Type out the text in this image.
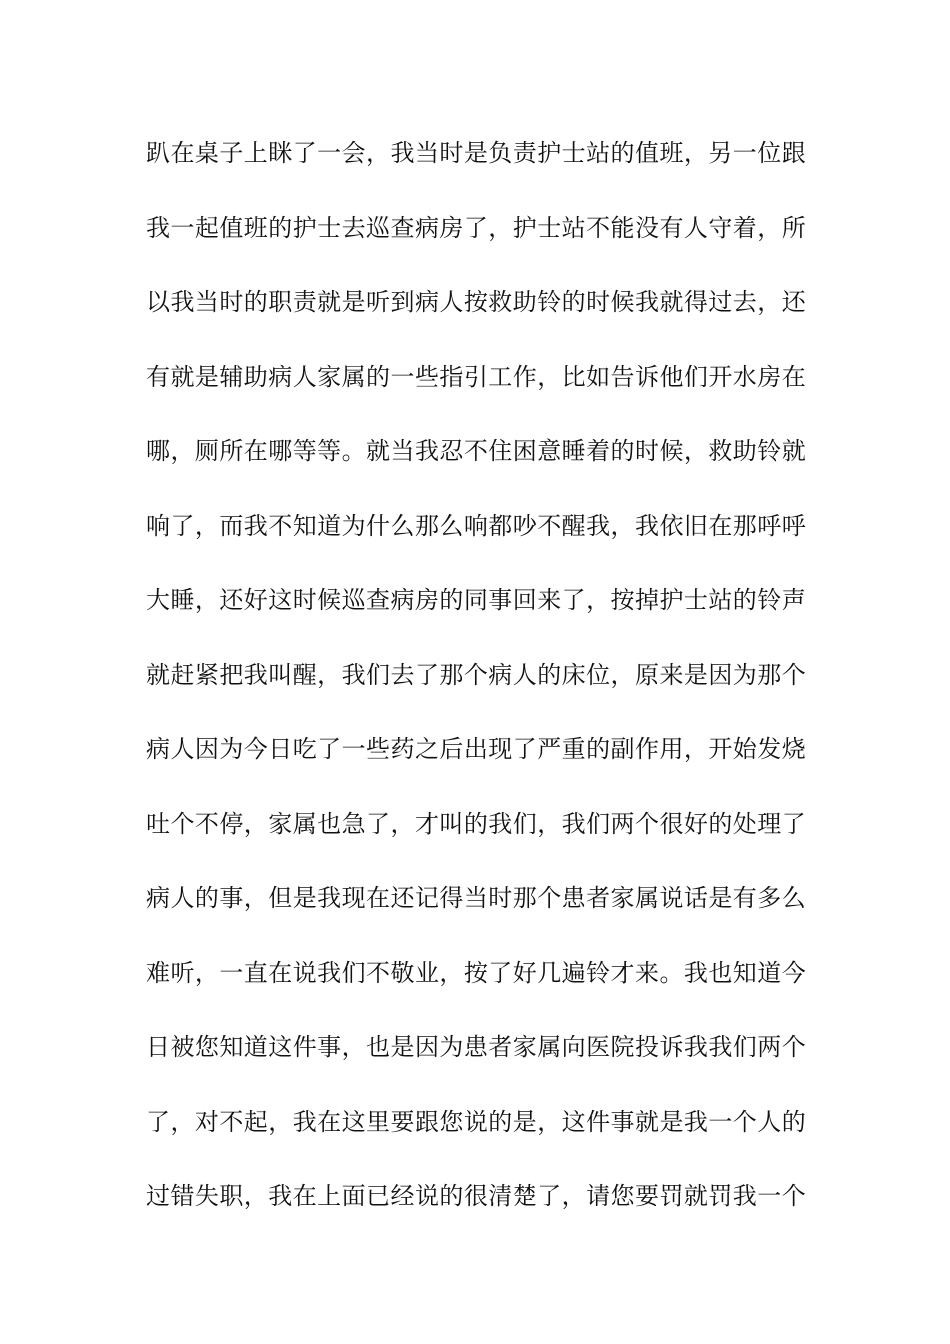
趴在桌子上眯了一会，我当时是负责护士站的值班，另一位跟
我一起值班的护士去巡查病房了，护士站不能没有人守着，所
以我当时的职责就是听到病人按救助铃的时候我就得过去，还
有就是辅助病人家属的一些指引工作，比如告诉他们开水房在
哪，厕所在哪等等。就当我忍不住困意睡着的时候，救助铃就
响了，而我不知道为什么那么响都吵不醒我，我依旧在那呼呼
大睡，还好这时候巡查病房的同事回来了，按掉护士站的铃声
就赶紧把我叫醒，我们去了那个病人的床位，原来是因为那个
病人因为今日吃了一些药之后出现了严重的副作用，开始发烧
吐个不停，家属也急了，才叫的我们，我们两个很好的处理了
病人的事，但是我现在还记得当时那个患者家属说话是有多么
难听，一直在说我们不敬业，按了好几遍铃才来。我也知道今
日被您知道这件事，也是因为患者家属向医院投诉我我们两个
了，对不起，我在这里要跟您说的是，这件事就是我一个人的
过错失职，我在上面已经说的很清楚了，请您要罚就罚我一个
